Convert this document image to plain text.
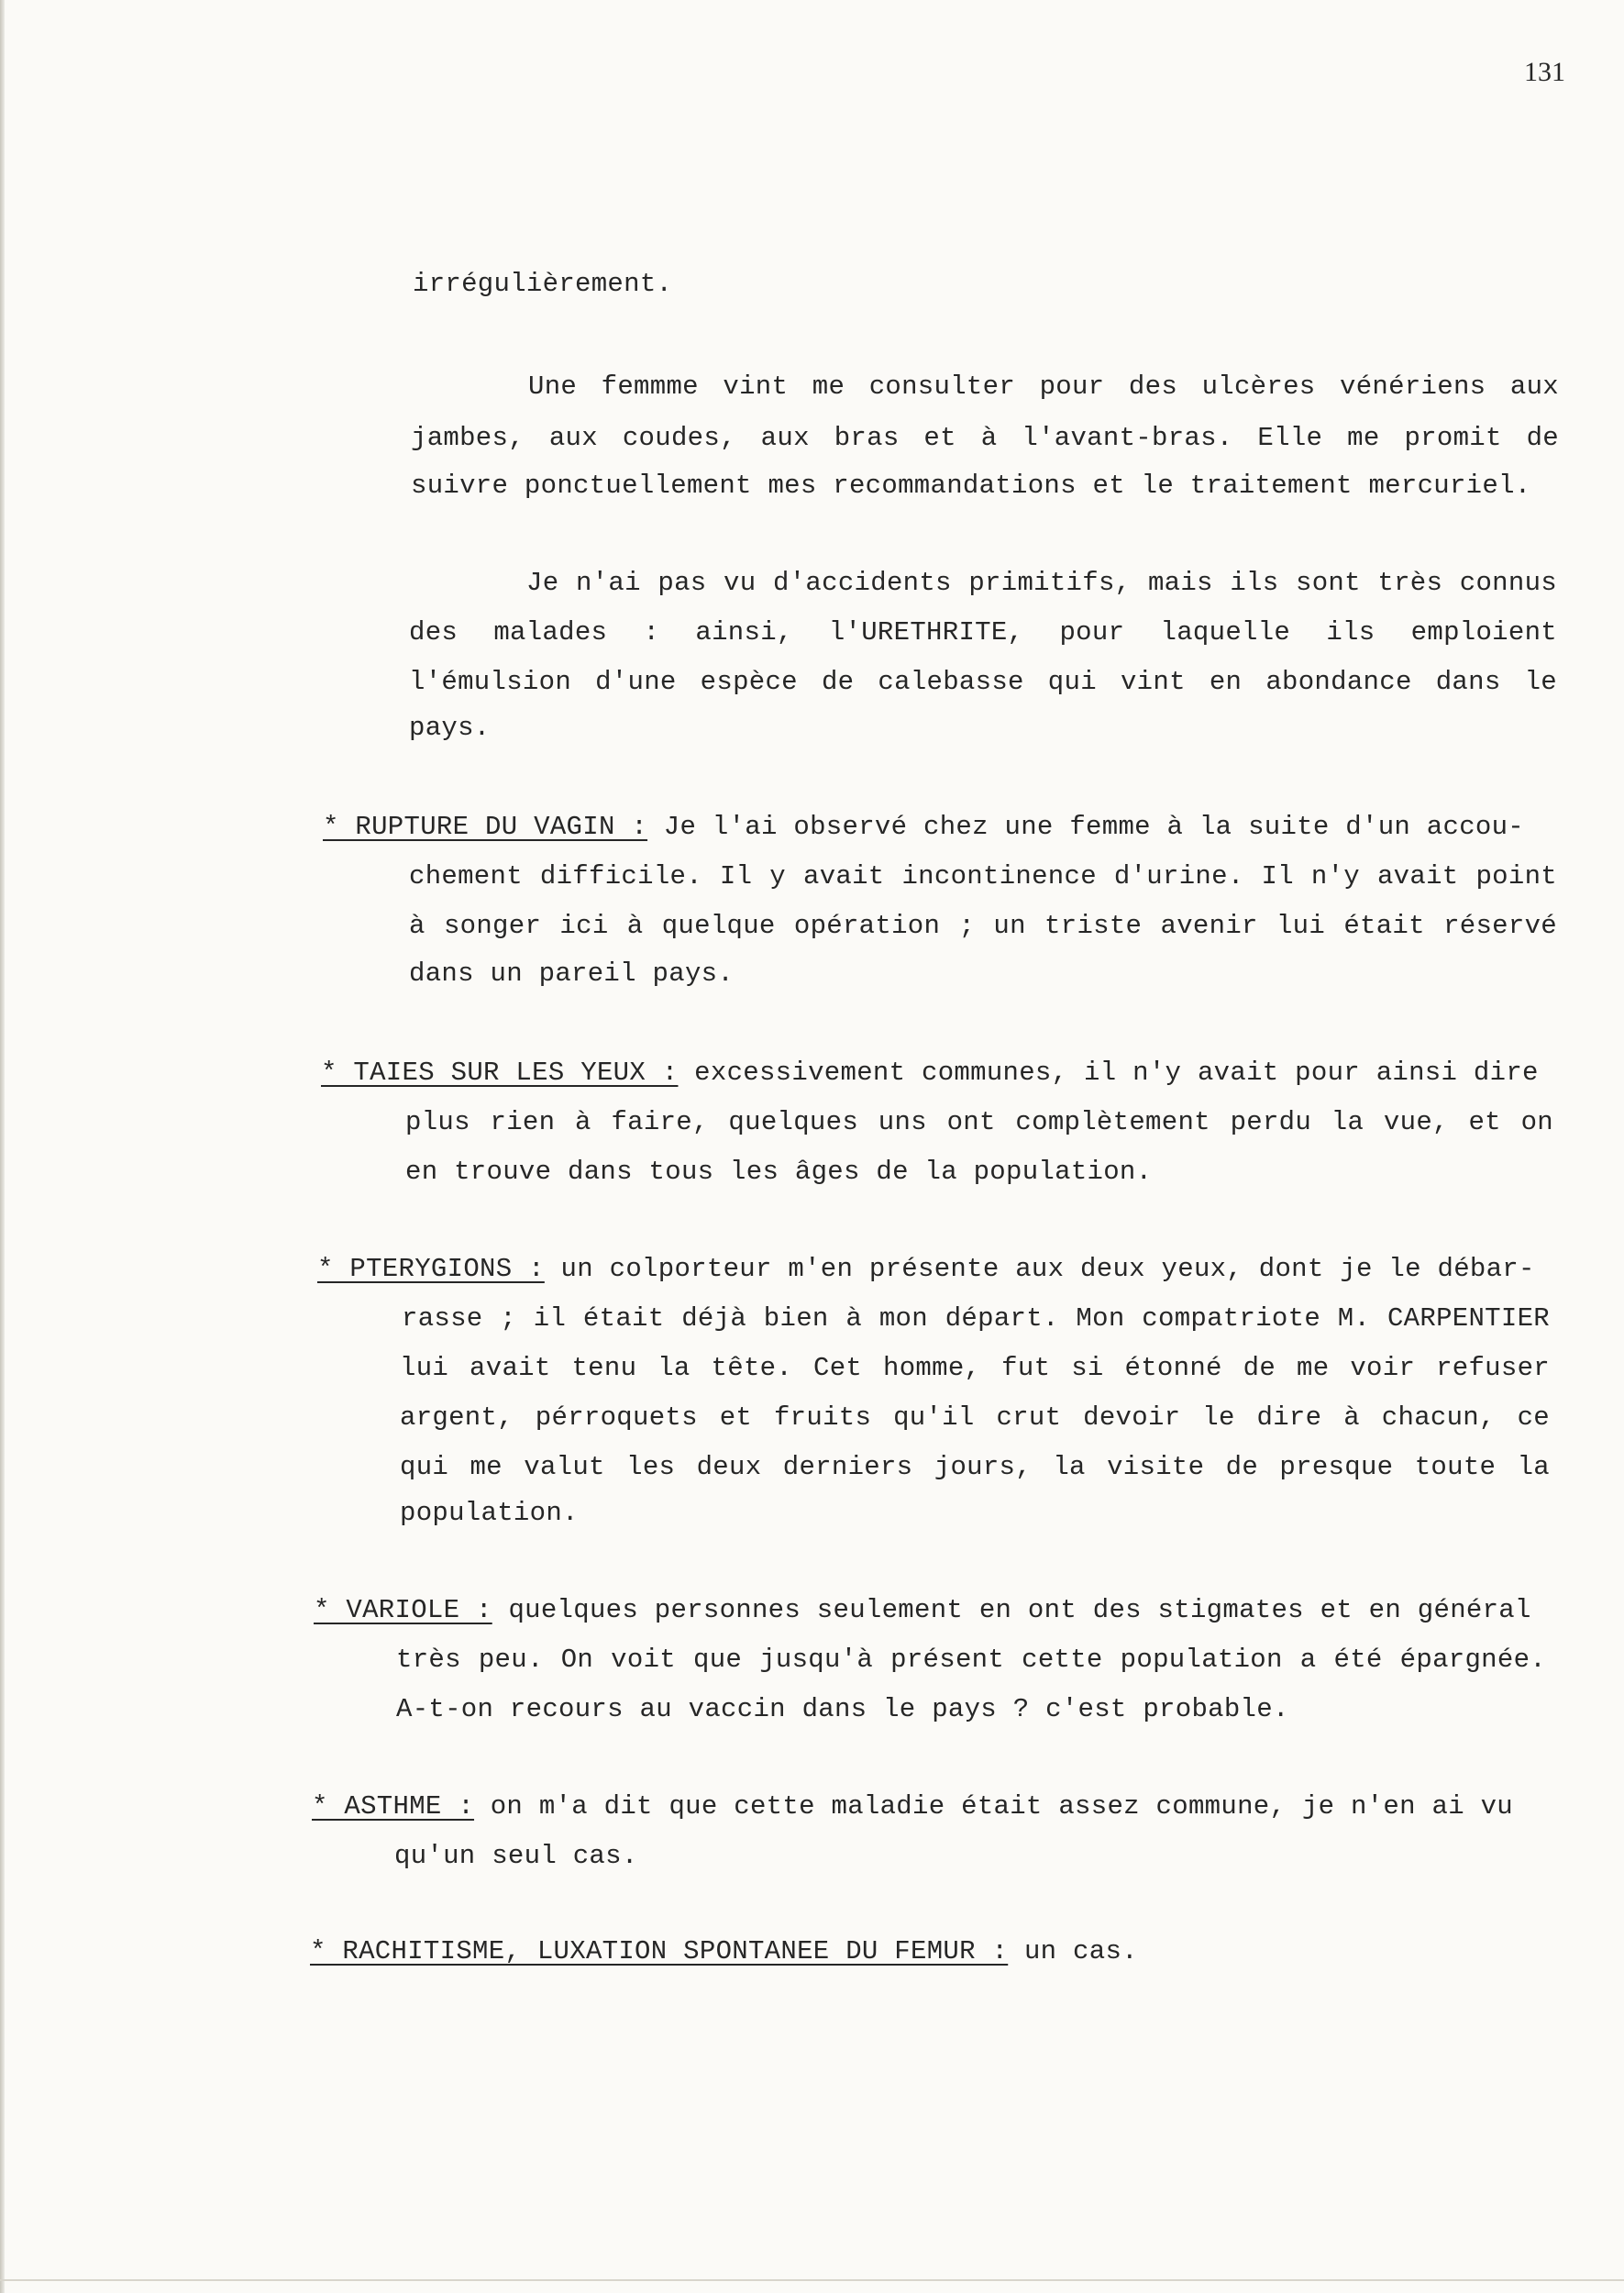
131
irrégulièrement.
Une femmme vint me consulter pour des ulcères vénériens aux
jambes, aux coudes, aux bras et à l'avant-bras. Elle me promit de
suivre ponctuellement mes recommandations et le traitement mercuriel.
Je n'ai pas vu d'accidents primitifs, mais ils sont très connus
des malades : ainsi, l'URETHRITE, pour laquelle ils emploient
l'émulsion d'une espèce de calebasse qui vint en abondance dans le
pays.
* RUPTURE DU VAGIN : Je l'ai observé chez une femme à la suite d'un accou-
chement difficile. Il y avait incontinence d'urine. Il n'y avait point
à songer ici à quelque opération ; un triste avenir lui était réservé
dans un pareil pays.
* TAIES SUR LES YEUX : excessivement communes, il n'y avait pour ainsi dire
plus rien à faire, quelques uns ont complètement perdu la vue, et on
en trouve dans tous les âges de la population.
* PTERYGIONS : un colporteur m'en présente aux deux yeux, dont je le débar-
rasse ; il était déjà bien à mon départ. Mon compatriote M. CARPENTIER
lui avait tenu la tête. Cet homme, fut si étonné de me voir refuser
argent, pérroquets et fruits qu'il crut devoir le dire à chacun, ce
qui me valut les deux derniers jours, la visite de presque toute la
population.
* VARIOLE : quelques personnes seulement en ont des stigmates et en général
très peu. On voit que jusqu'à présent cette population a été épargnée.
A-t-on recours au vaccin dans le pays ? c'est probable.
* ASTHME : on m'a dit que cette maladie était assez commune, je n'en ai vu
qu'un seul cas.
* RACHITISME, LUXATION SPONTANEE DU FEMUR : un cas.
